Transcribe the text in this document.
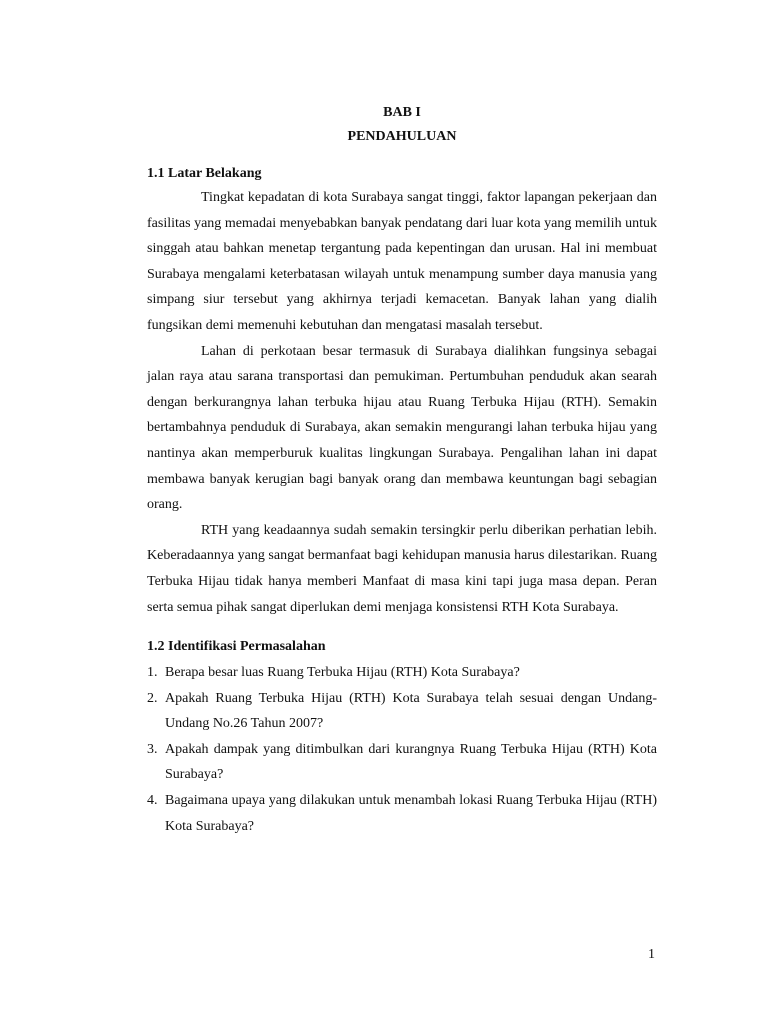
BAB I
PENDAHULUAN
1.1 Latar Belakang

Tingkat kepadatan di kota Surabaya sangat tinggi, faktor lapangan pekerjaan dan fasilitas yang memadai menyebabkan banyak pendatang dari luar kota yang memilih untuk singgah atau bahkan menetap tergantung pada kepentingan dan urusan. Hal ini membuat Surabaya mengalami keterbatasan wilayah untuk menampung sumber daya manusia yang simpang siur tersebut yang akhirnya terjadi kemacetan. Banyak lahan yang dialih fungsikan demi memenuhi kebutuhan dan mengatasi masalah tersebut.

Lahan di perkotaan besar termasuk di Surabaya dialihkan fungsinya sebagai jalan raya atau sarana transportasi dan pemukiman. Pertumbuhan penduduk akan searah dengan berkurangnya lahan terbuka hijau atau Ruang Terbuka Hijau (RTH). Semakin bertambahnya penduduk di Surabaya, akan semakin mengurangi lahan terbuka hijau yang nantinya akan memperburuk kualitas lingkungan Surabaya. Pengalihan lahan ini dapat membawa banyak kerugian bagi banyak orang dan membawa keuntungan bagi sebagian orang.

RTH yang keadaannya sudah semakin tersingkir perlu diberikan perhatian lebih. Keberadaannya yang sangat bermanfaat bagi kehidupan manusia harus dilestarikan. Ruang Terbuka Hijau tidak hanya memberi Manfaat di masa kini tapi juga masa depan. Peran serta semua pihak sangat diperlukan demi menjaga konsistensi RTH Kota Surabaya.

1.2 Identifikasi Permasalahan
1. Berapa besar luas Ruang Terbuka Hijau (RTH) Kota Surabaya?
2. Apakah Ruang Terbuka Hijau (RTH) Kota Surabaya telah sesuai dengan Undang-Undang No.26 Tahun 2007?
3. Apakah dampak yang ditimbulkan dari kurangnya Ruang Terbuka Hijau (RTH) Kota Surabaya?
4. Bagaimana upaya yang dilakukan untuk menambah lokasi Ruang Terbuka Hijau (RTH) Kota Surabaya?
1
